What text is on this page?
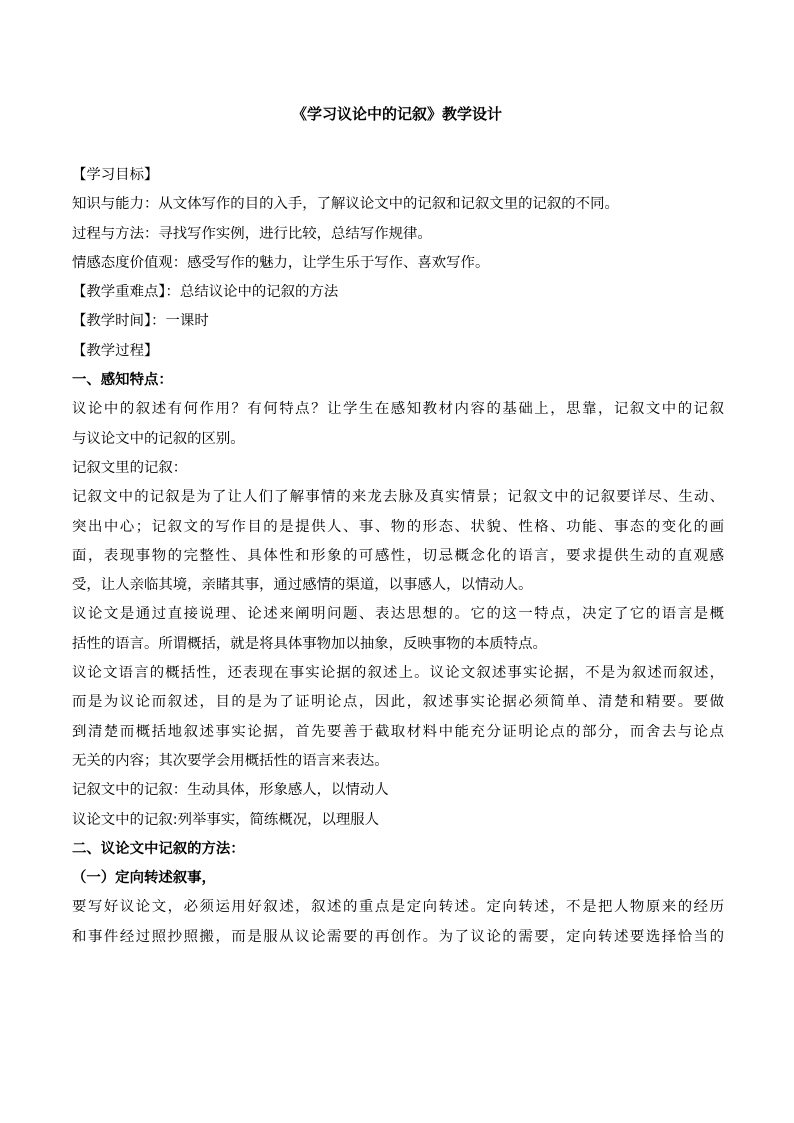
《学习议论中的记叙》教学设计
【学习目标】
知识与能力：从文体写作的目的入手，了解议论文中的记叙和记叙文里的记叙的不同。
过程与方法：寻找写作实例，进行比较，总结写作规律。
情感态度价值观：感受写作的魅力，让学生乐于写作、喜欢写作。
【教学重难点】：总结议论中的记叙的方法
【教学时间】：一课时
【教学过程】
一、感知特点：
议论中的叙述有何作用？有何特点？让学生在感知教材内容的基础上，思靠，记叙文中的记叙
与议论文中的记叙的区别。
记叙文里的记叙：
记叙文中的记叙是为了让人们了解事情的来龙去脉及真实情景；记叙文中的记叙要详尽、生动、
突出中心；记叙文的写作目的是提供人、事、物的形态、状貌、性格、功能、事态的变化的画
面，表现事物的完整性、具体性和形象的可感性，切忌概念化的语言，要求提供生动的直观感
受，让人亲临其境，亲睹其事，通过感情的渠道，以事感人，以情动人。
议论文是通过直接说理、论述来阐明问题、表达思想的。它的这一特点，决定了它的语言是概
括性的语言。所谓概括，就是将具体事物加以抽象，反映事物的本质特点。
议论文语言的概括性，还表现在事实论据的叙述上。议论文叙述事实论据，不是为叙述而叙述，
而是为议论而叙述，目的是为了证明论点，因此，叙述事实论据必须简单、清楚和精要。要做
到清楚而概括地叙述事实论据，首先要善于截取材料中能充分证明论点的部分，而舍去与论点
无关的内容；其次要学会用概括性的语言来表达。
记叙文中的记叙：生动具体，形象感人，以情动人
议论文中的记叙:列举事实，简练概况，以理服人
二、议论文中记叙的方法：
（一）定向转述叙事，
要写好议论文，必须运用好叙述，叙述的重点是定向转述。定向转述，不是把人物原来的经历
和事件经过照抄照搬，而是服从议论需要的再创作。为了议论的需要，定向转述要选择恰当的
